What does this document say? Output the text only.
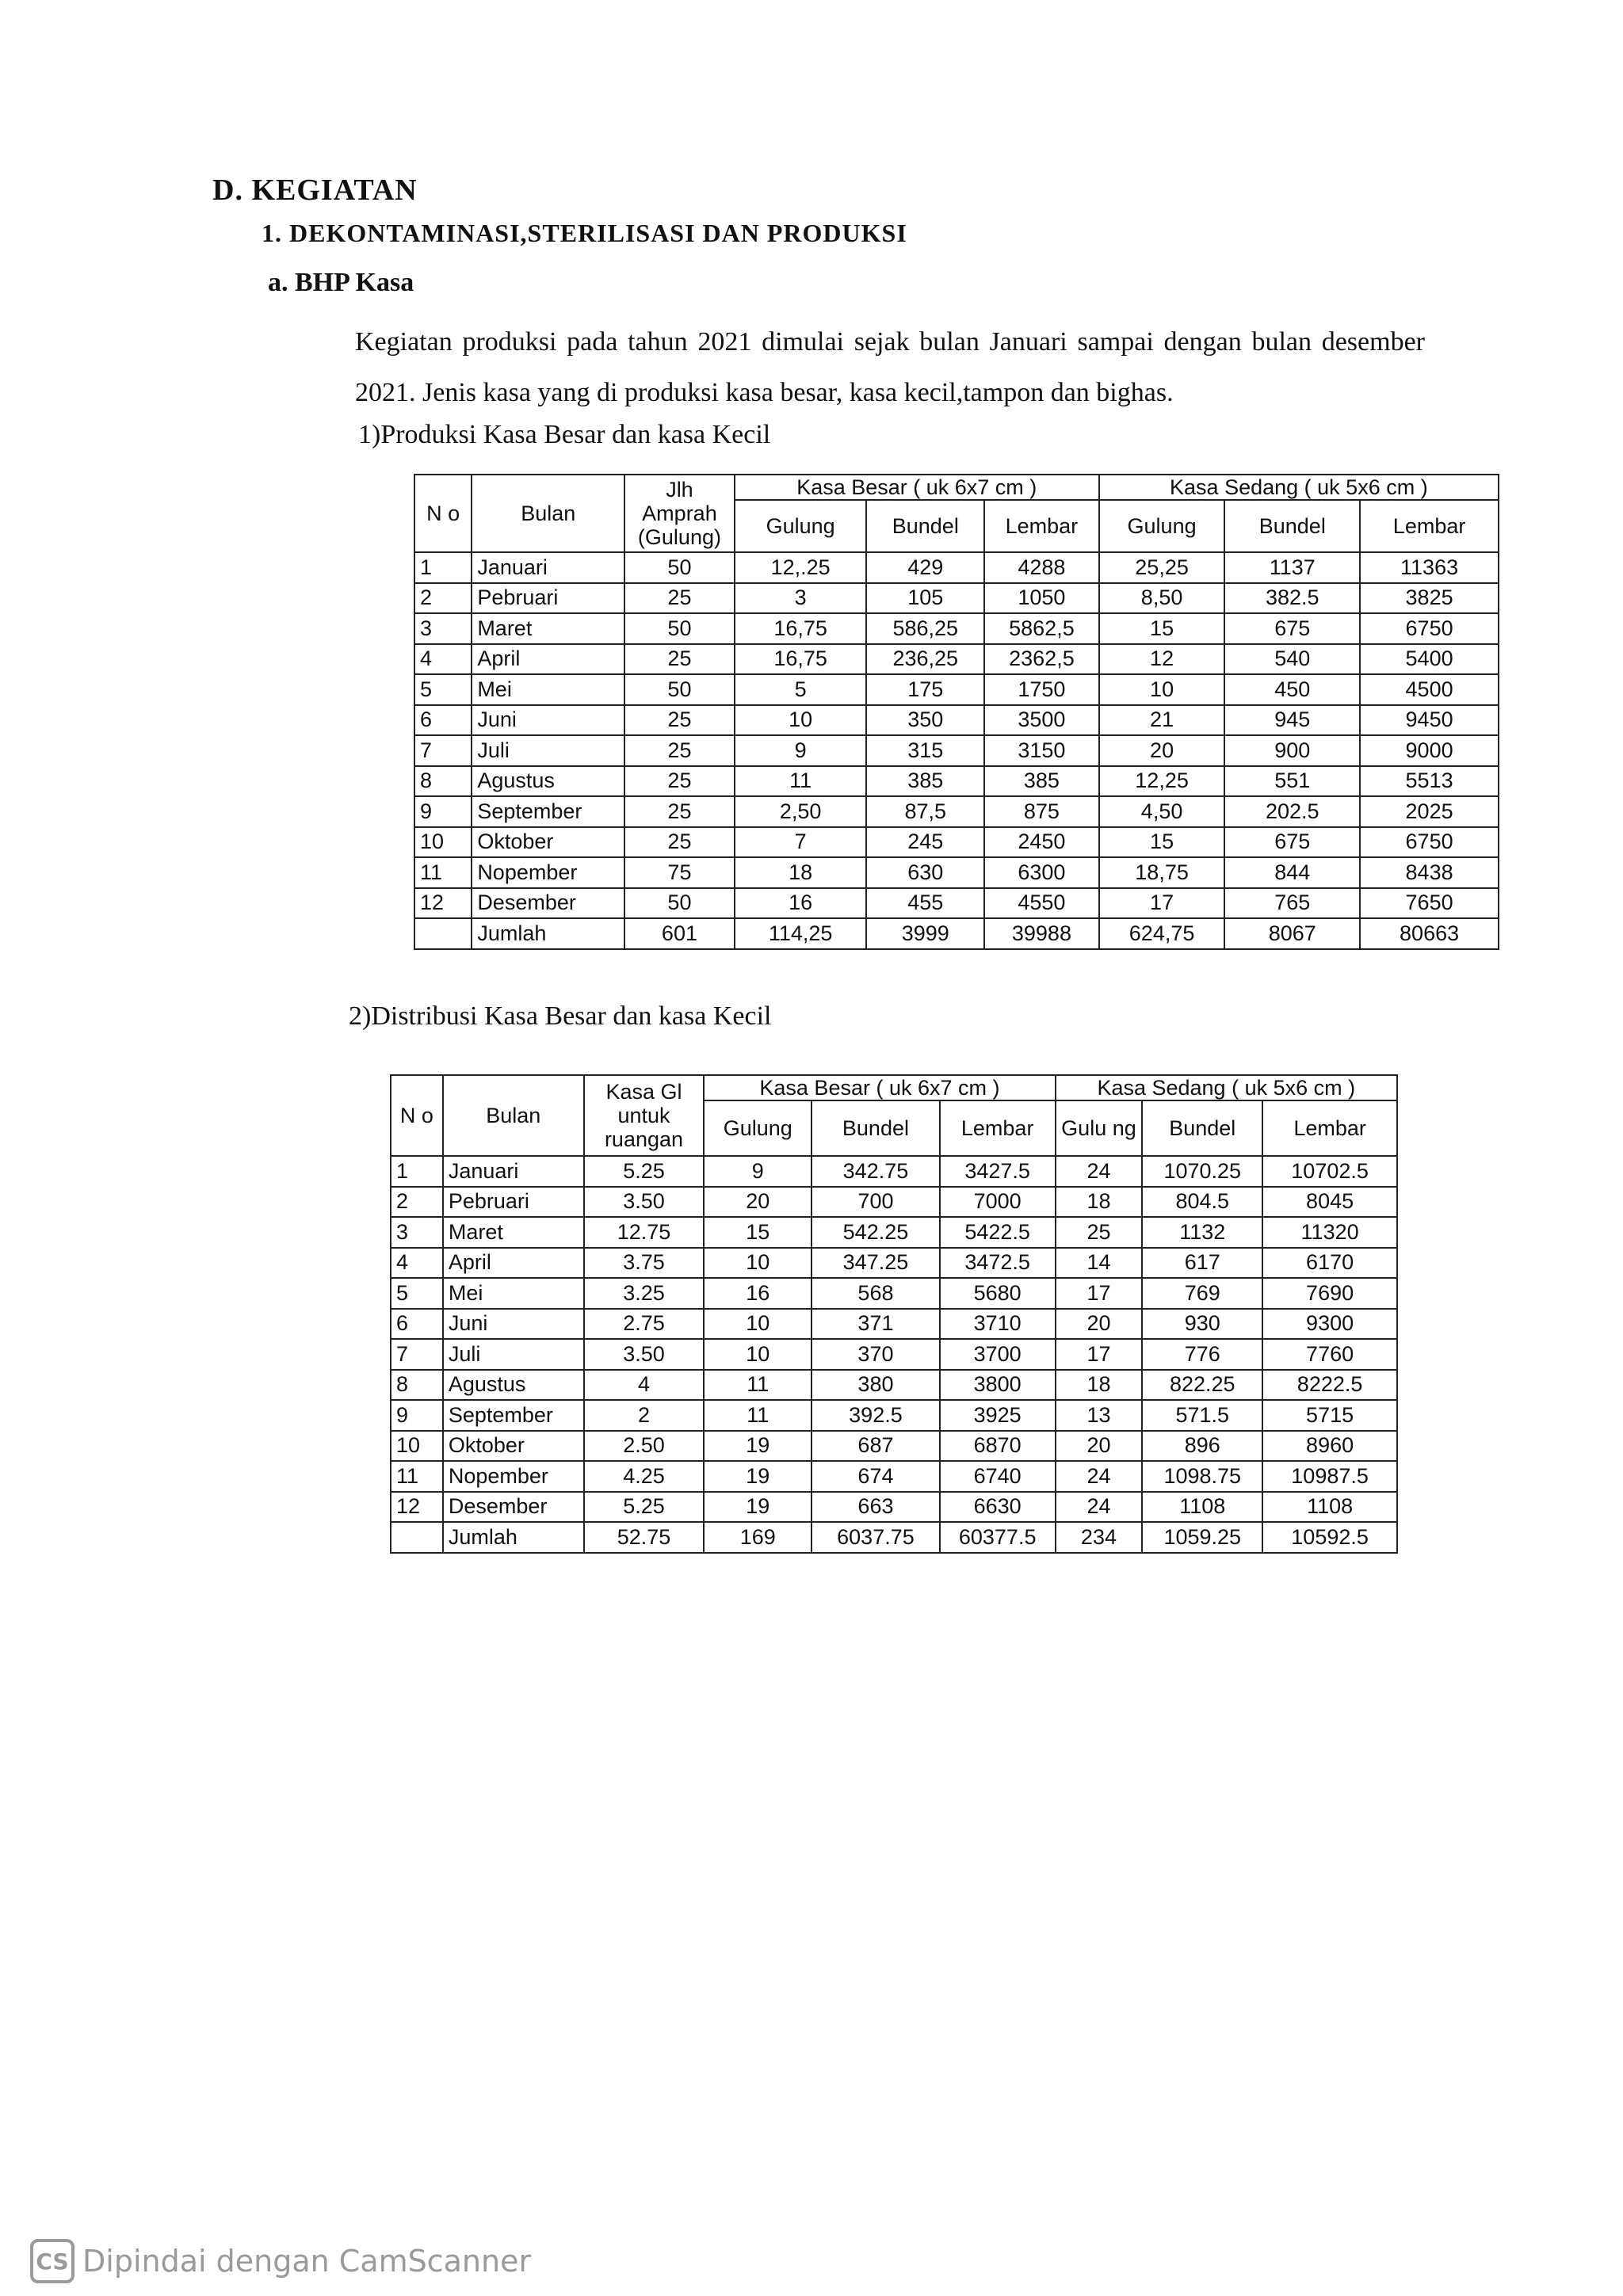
D. KEGIATAN
1. DEKONTAMINASI,STERILISASI DAN PRODUKSI
a. BHP Kasa
Kegiatan produksi pada tahun 2021 dimulai sejak bulan Januari sampai dengan bulan desember 2021. Jenis kasa yang di produksi kasa besar, kasa kecil,tampon dan bighas.
1)Produksi Kasa Besar dan kasa Kecil
N o	Bulan	Jlh Amprah (Gulung)	Kasa Besar ( uk 6x7 cm )			Kasa Sedang ( uk 5x6 cm )		
			Gulung	Bundel	Lembar	Gulung	Bundel	Lembar
1	Januari	50	12,.25	429	4288	25,25	1137	11363
2	Pebruari	25	3	105	1050	8,50	382.5	3825
3	Maret	50	16,75	586,25	5862,5	15	675	6750
4	April	25	16,75	236,25	2362,5	12	540	5400
5	Mei	50	5	175	1750	10	450	4500
6	Juni	25	10	350	3500	21	945	9450
7	Juli	25	9	315	3150	20	900	9000
8	Agustus	25	11	385	385	12,25	551	5513
9	September	25	2,50	87,5	875	4,50	202.5	2025
10	Oktober	25	7	245	2450	15	675	6750
11	Nopember	75	18	630	6300	18,75	844	8438
12	Desember	50	16	455	4550	17	765	7650
	Jumlah	601	114,25	3999	39988	624,75	8067	80663
2)Distribusi Kasa Besar dan kasa Kecil
N o	Bulan	Kasa Gl untuk ruangan	Kasa Besar ( uk 6x7 cm )			Kasa Sedang ( uk 5x6 cm )		
			Gulung	Bundel	Lembar	Gulu ng	Bundel	Lembar
1	Januari	5.25	9	342.75	3427.5	24	1070.25	10702.5
2	Pebruari	3.50	20	700	7000	18	804.5	8045
3	Maret	12.75	15	542.25	5422.5	25	1132	11320
4	April	3.75	10	347.25	3472.5	14	617	6170
5	Mei	3.25	16	568	5680	17	769	7690
6	Juni	2.75	10	371	3710	20	930	9300
7	Juli	3.50	10	370	3700	17	776	7760
8	Agustus	4	11	380	3800	18	822.25	8222.5
9	September	2	11	392.5	3925	13	571.5	5715
10	Oktober	2.50	19	687	6870	20	896	8960
11	Nopember	4.25	19	674	6740	24	1098.75	10987.5
12	Desember	5.25	19	663	6630	24	1108	1108
	Jumlah	52.75	169	6037.75	60377.5	234	1059.25	10592.5
CS Dipindai dengan CamScanner
